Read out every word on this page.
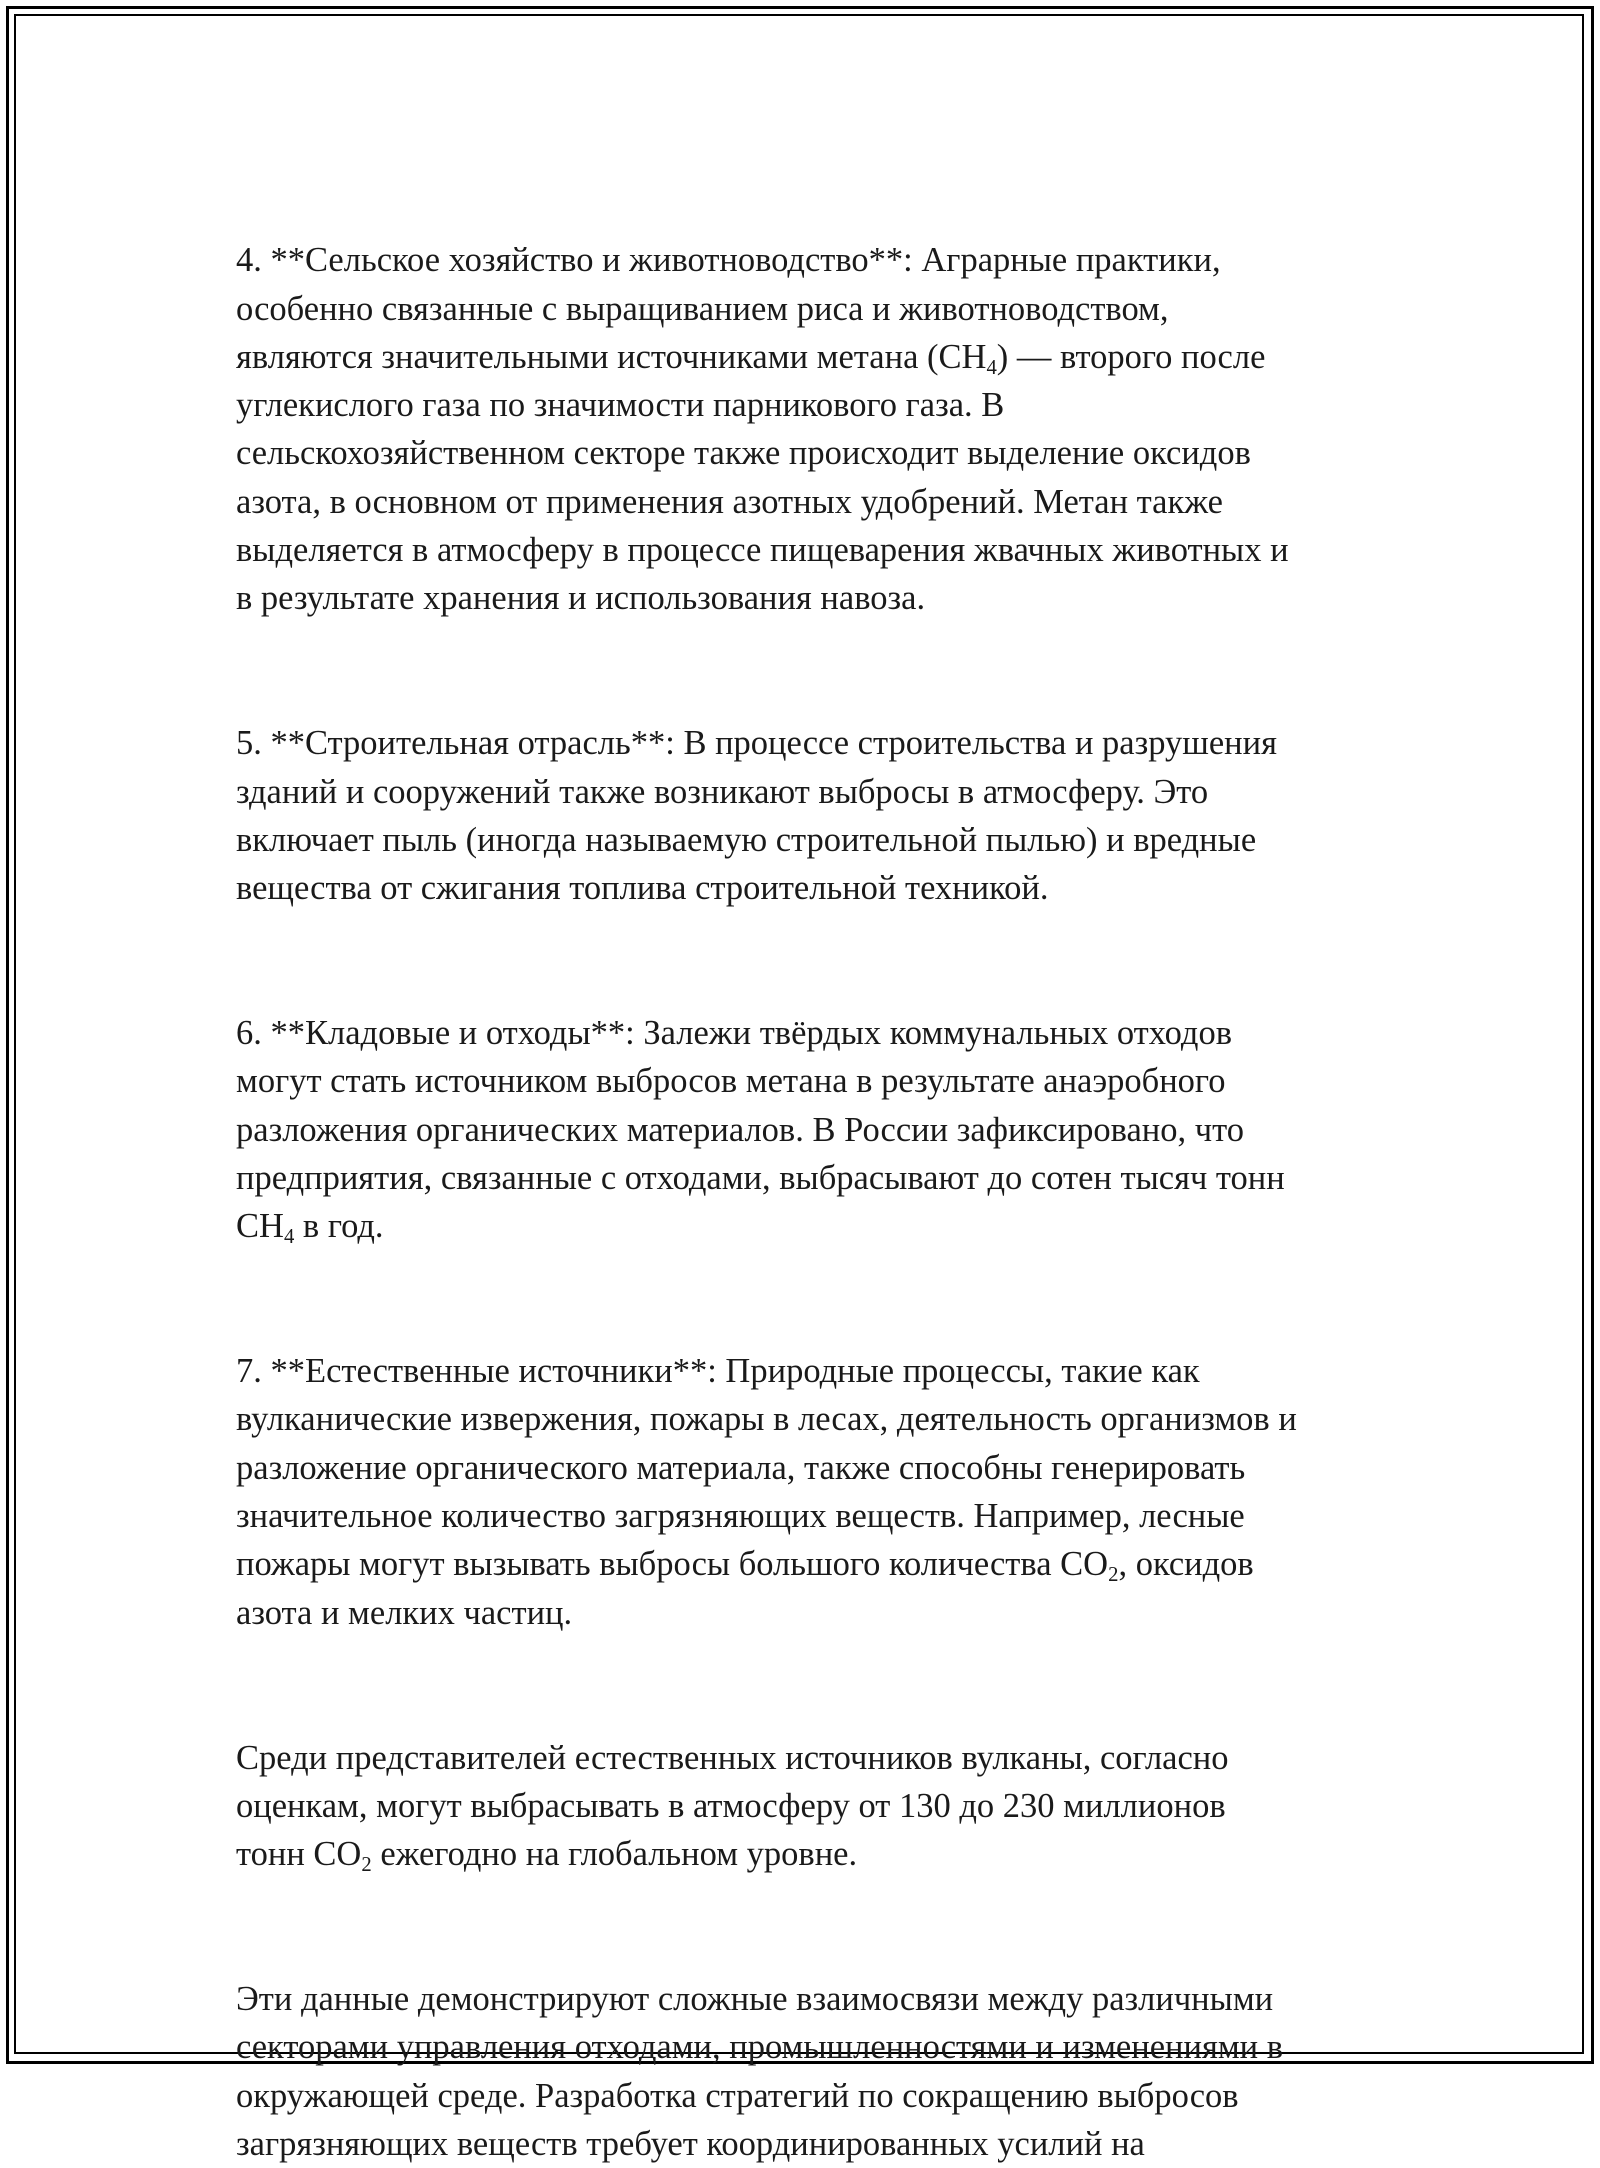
4. **Сельское хозяйство и животноводство**: Аграрные практики,
особенно связанные с выращиванием риса и животноводством,
являются значительными источниками метана $(CH_4)$ — второго после
углекислого газа по значимости парникового газа. В
сельскохозяйственном секторе также происходит выделение оксидов
азота, в основном от применения азотных удобрений. Метан также
выделяется в атмосферу в процессе пищеварения жвачных животных и
в результате хранения и использования навоза.

5. **Строительная отрасль**: В процессе строительства и разрушения
зданий и сооружений также возникают выбросы в атмосферу. Это
включает пыль (иногда называемую строительной пылью) и вредные
вещества от сжигания топлива строительной техникой.

6. **Кладовые и отходы**: Залежи твёрдых коммунальных отходов
могут стать источником выбросов метана в результате анаэробного
разложения органических материалов. В России зафиксировано, что
предприятия, связанные с отходами, выбрасывают до сотен тысяч тонн
$CH_4$ в год.

7. **Естественные источники**: Природные процессы, такие как
вулканические извержения, пожары в лесах, деятельность организмов и
разложение органического материала, также способны генерировать
значительное количество загрязняющих веществ. Например, лесные
пожары могут вызывать выбросы большого количества $CO_2$, оксидов
азота и мелких частиц.

Среди представителей естественных источников вулканы, согласно
оценкам, могут выбрасывать в атмосферу от 130 до 230 миллионов
тонн $CO_2$ ежегодно на глобальном уровне.

Эти данные демонстрируют сложные взаимосвязи между различными
секторами управления отходами, промышленностями и изменениями в
окружающей среде. Разработка стратегий по сокращению выбросов
загрязняющих веществ требует координированных усилий на
